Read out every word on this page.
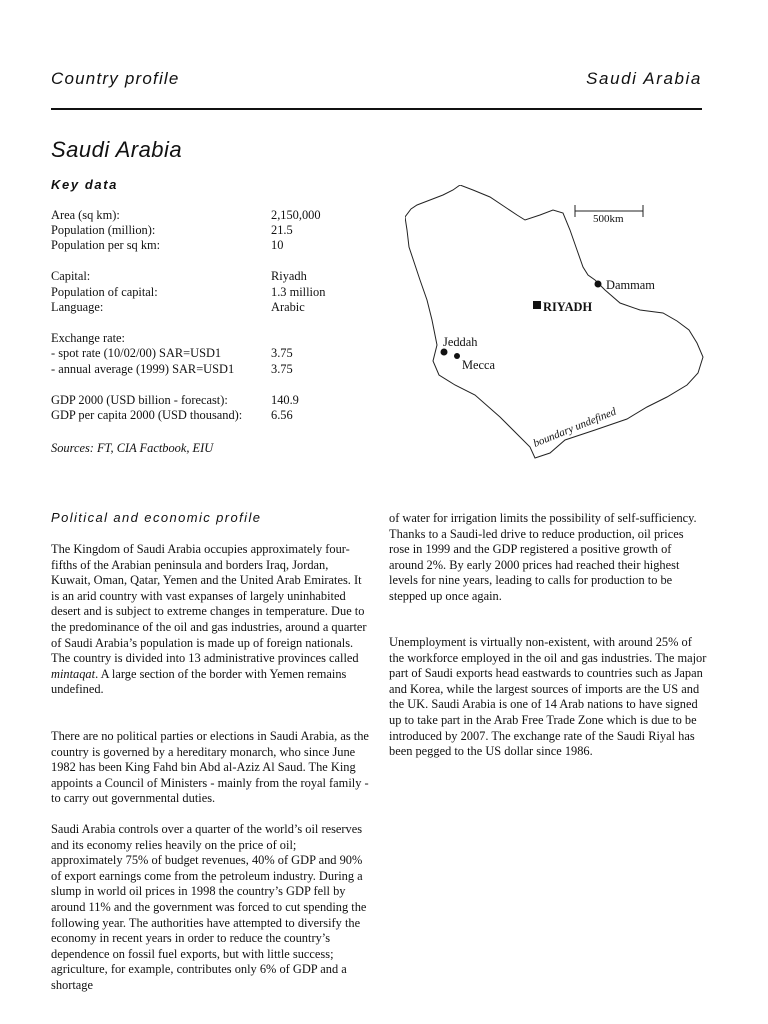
Country profile	Saudi Arabia
Saudi Arabia
Key data
Area (sq km):	2,150,000
Population (million):	21.5
Population per sq km:	10
Capital:	Riyadh
Population of capital:	1.3 million
Language:	Arabic
Exchange rate:
- spot rate (10/02/00) SAR=USD1	3.75
- annual average (1999) SAR=USD1	3.75
GDP 2000 (USD billion - forecast):	140.9
GDP per capita 2000 (USD thousand): 6.56
Sources: FT, CIA Factbook, EIU
500km
Dammam
RIYADH
Jeddah
Mecca
boundary undefined
Political and economic profile
The Kingdom of Saudi Arabia occupies approximately four-fifths of the Arabian peninsula and borders Iraq, Jordan, Kuwait, Oman, Qatar, Yemen and the United Arab Emirates. It is an arid country with vast expanses of largely uninhabited desert and is subject to extreme changes in temperature. Due to the predominance of the oil and gas industries, around a quarter of Saudi Arabia’s population is made up of foreign nationals. The country is divided into 13 administrative provinces called mintaqat. A large section of the border with Yemen remains undefined.
There are no political parties or elections in Saudi Arabia, as the country is governed by a hereditary monarch, who since June 1982 has been King Fahd bin Abd al-Aziz Al Saud. The King appoints a Council of Ministers - mainly from the royal family - to carry out governmental duties.
Saudi Arabia controls over a quarter of the world’s oil reserves and its economy relies heavily on the price of oil; approximately 75% of budget revenues, 40% of GDP and 90% of export earnings come from the petroleum industry. During a slump in world oil prices in 1998 the country’s GDP fell by around 11% and the government was forced to cut spending the following year. The authorities have attempted to diversify the economy in recent years in order to reduce the country’s dependence on fossil fuel exports, but with little success; agriculture, for example, contributes only 6% of GDP and a shortage
of water for irrigation limits the possibility of self-sufficiency. Thanks to a Saudi-led drive to reduce production, oil prices rose in 1999 and the GDP registered a positive growth of around 2%. By early 2000 prices had reached their highest levels for nine years, leading to calls for production to be stepped up once again.
Unemployment is virtually non-existent, with around 25% of the workforce employed in the oil and gas industries. The major part of Saudi exports head eastwards to countries such as Japan and Korea, while the largest sources of imports are the US and the UK. Saudi Arabia is one of 14 Arab nations to have signed up to take part in the Arab Free Trade Zone which is due to be introduced by 2007. The exchange rate of the Saudi Riyal has been pegged to the US dollar since 1986.
